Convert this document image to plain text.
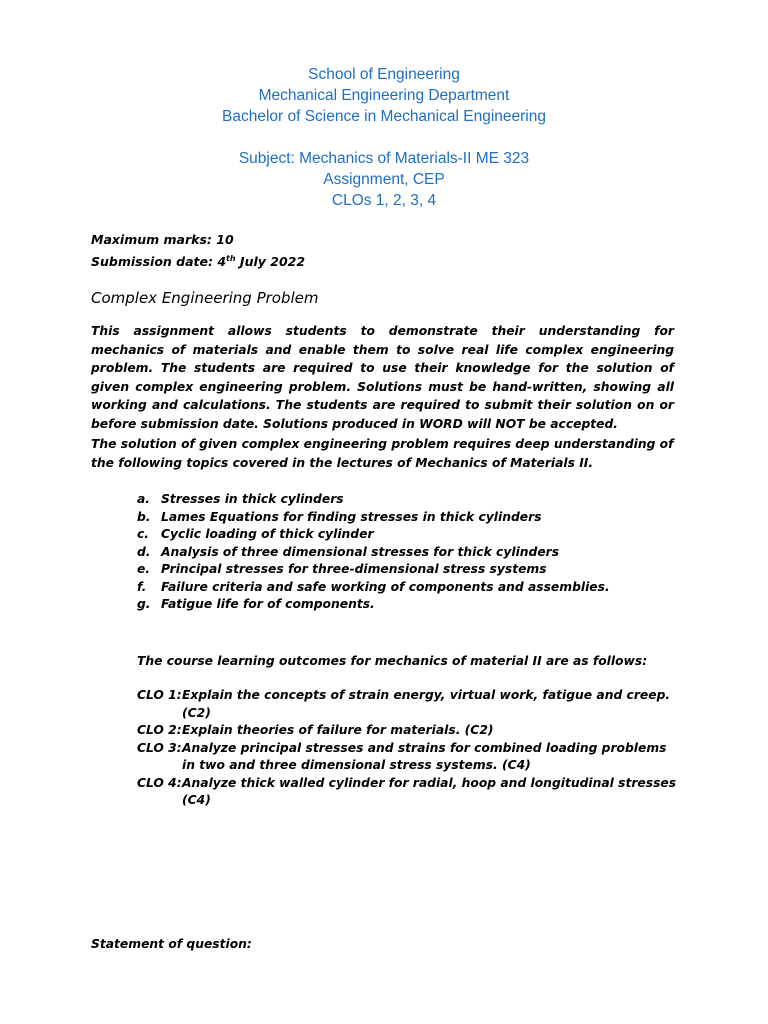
School of Engineering
Mechanical Engineering Department
Bachelor of Science in Mechanical Engineering
Subject: Mechanics of Materials-II ME 323
Assignment, CEP
CLOs 1, 2, 3, 4
Maximum marks: 10
Submission date: 4th July 2022
Complex Engineering Problem
This assignment allows students to demonstrate their understanding for mechanics of materials and enable them to solve real life complex engineering problem. The students are required to use their knowledge for the solution of given complex engineering problem. Solutions must be hand-written, showing all working and calculations. The students are required to submit their solution on or before submission date. Solutions produced in WORD will NOT be accepted.
The solution of given complex engineering problem requires deep understanding of the following topics covered in the lectures of Mechanics of Materials II.
a. Stresses in thick cylinders
b. Lames Equations for finding stresses in thick cylinders
c. Cyclic loading of thick cylinder
d. Analysis of three dimensional stresses for thick cylinders
e. Principal stresses for three-dimensional stress systems
f.	Failure criteria and safe working of components and assemblies.
g. Fatigue life for of components.
The course learning outcomes for mechanics of material II are as follows:
CLO 1: Explain the concepts of strain energy, virtual work, fatigue and creep. (C2)
CLO 2: Explain theories of failure for materials. (C2)
CLO 3: Analyze principal stresses and strains for combined loading problems in two and three dimensional stress systems. (C4)
CLO 4: Analyze thick walled cylinder for radial, hoop and longitudinal stresses (C4)
Statement of question:
